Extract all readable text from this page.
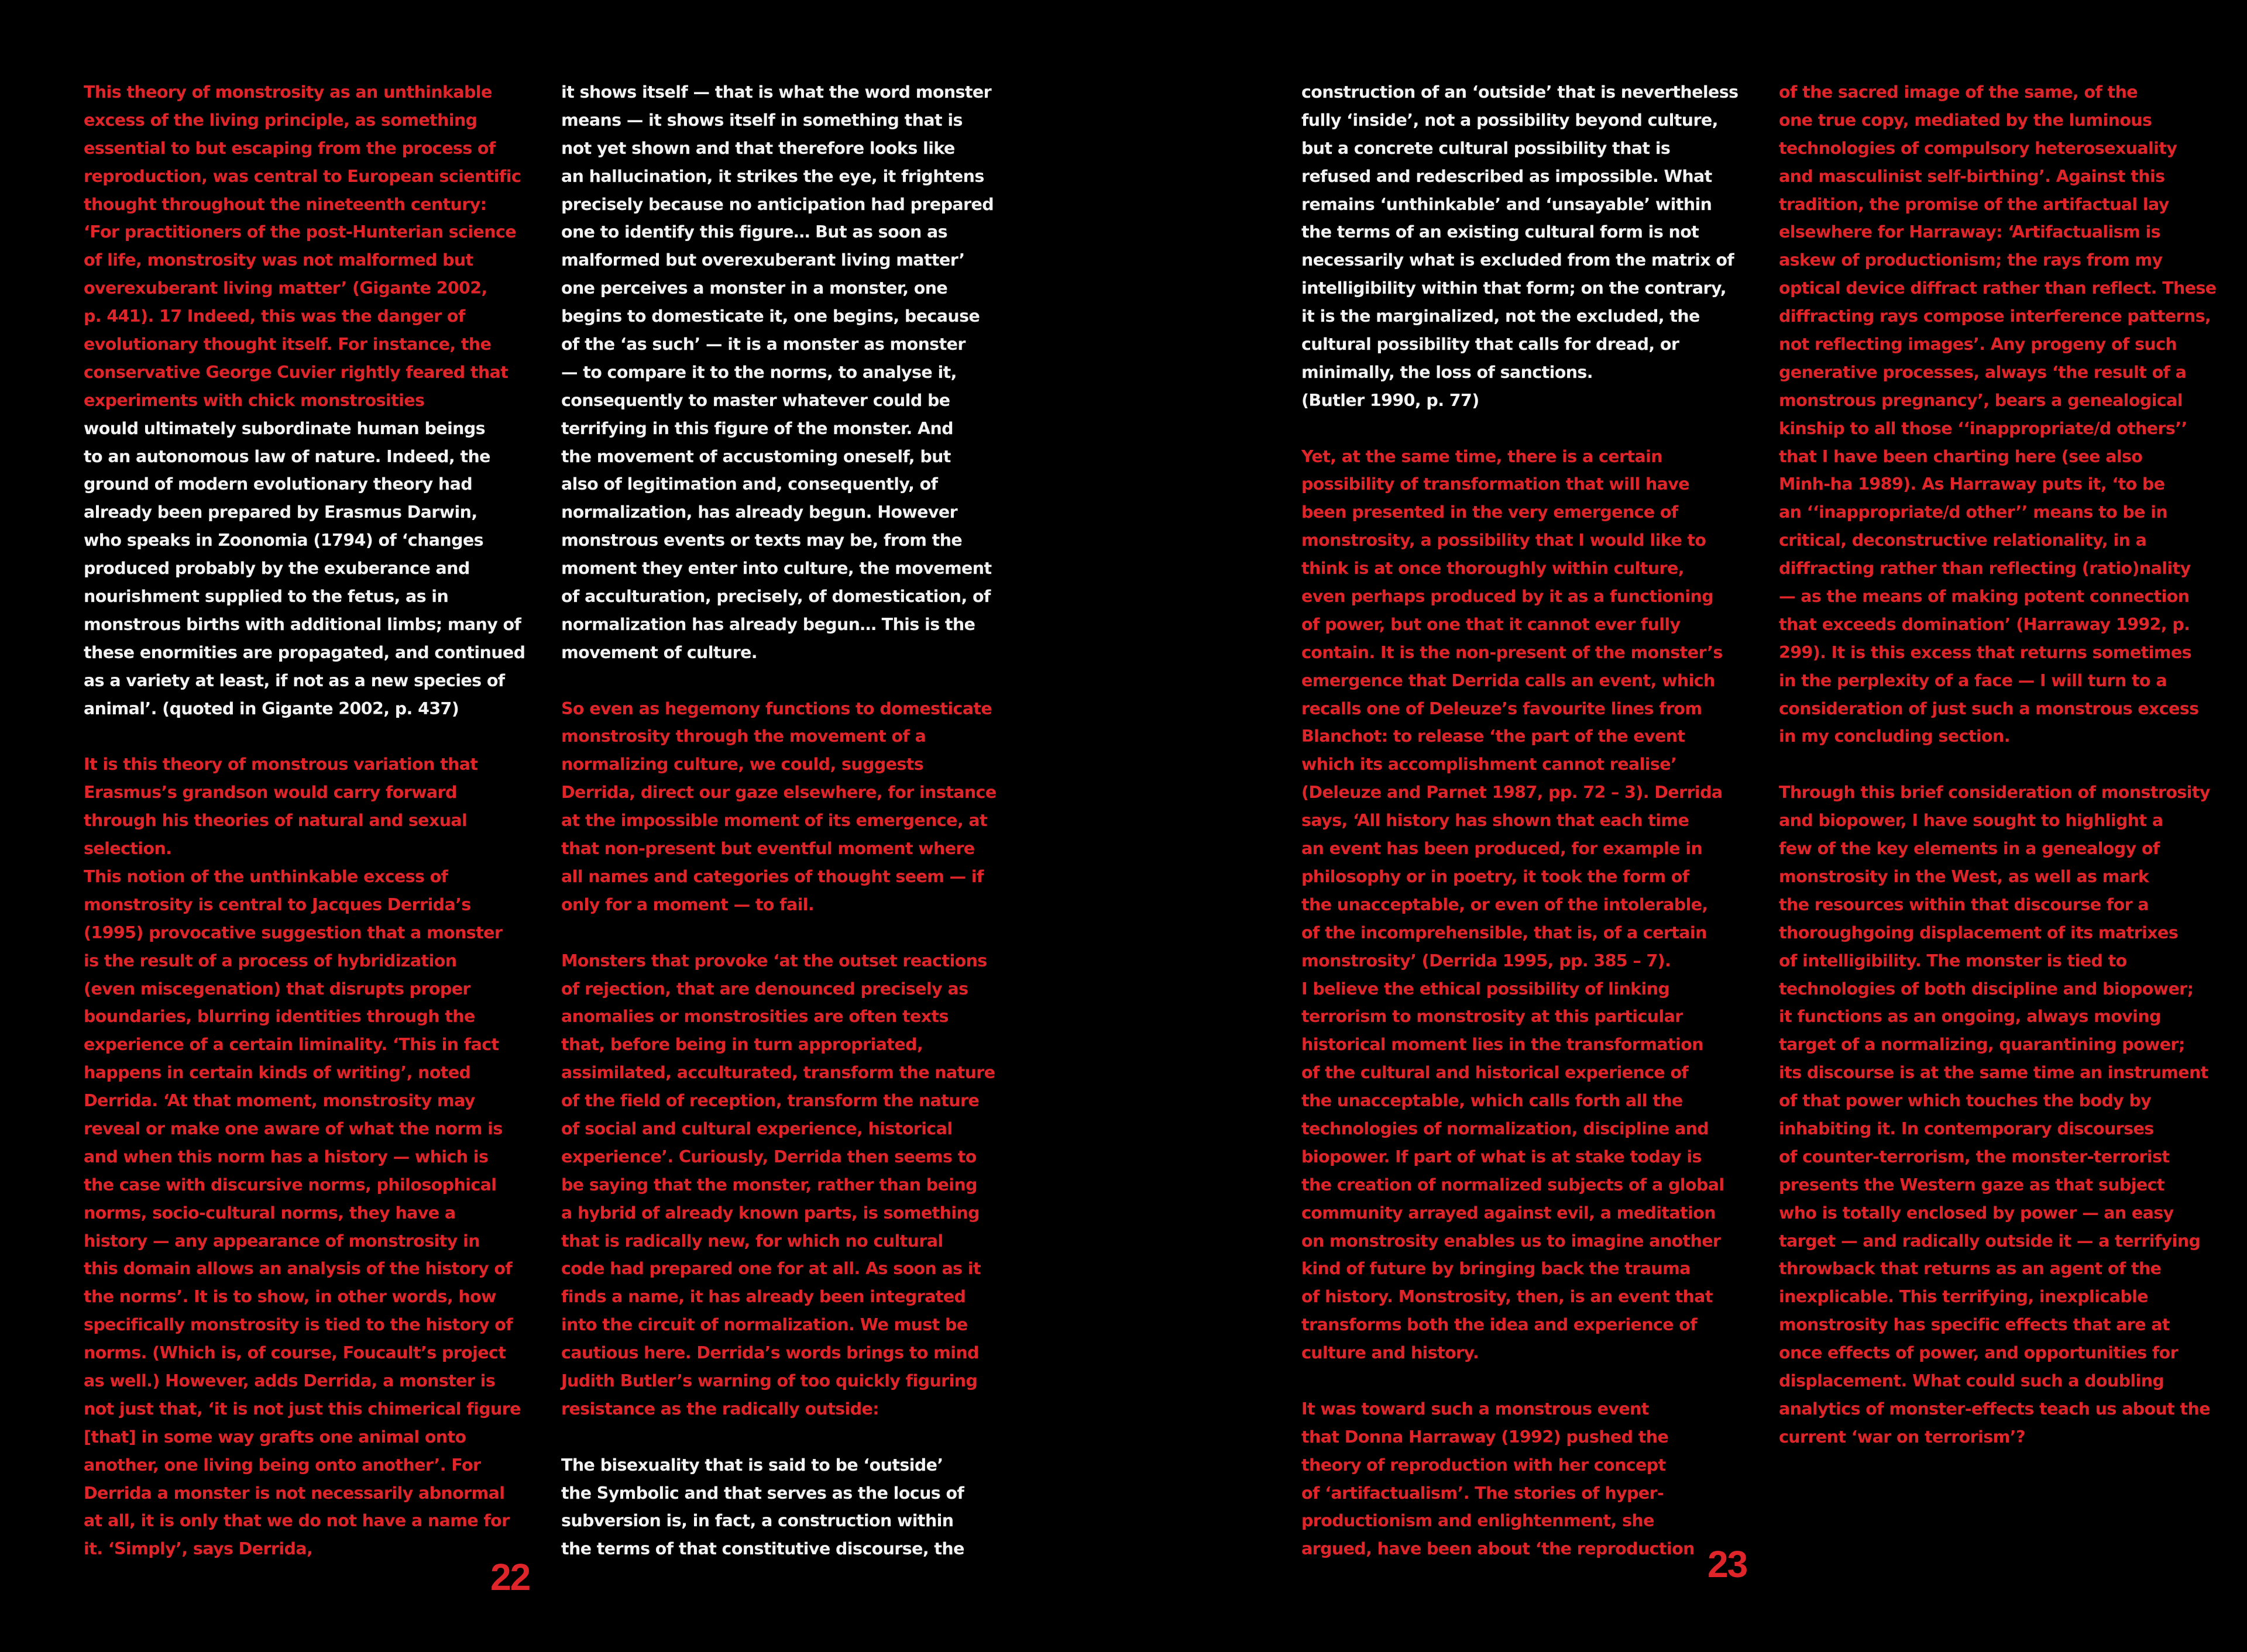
This theory of monstrosity as an unthinkable
excess of the living principle, as something
essential to but escaping from the process of
reproduction, was central to European scientific
thought throughout the nineteenth century:
‘For practitioners of the post-Hunterian science
of life, monstrosity was not malformed but
overexuberant living matter’ (Gigante 2002,
p. 441). 17 Indeed, this was the danger of
evolutionary thought itself. For instance, the
conservative George Cuvier rightly feared that
experiments with chick monstrosities
would ultimately subordinate human beings
to an autonomous law of nature. Indeed, the
ground of modern evolutionary theory had
already been prepared by Erasmus Darwin,
who speaks in Zoonomia (1794) of ‘changes
produced probably by the exuberance and
nourishment supplied to the fetus, as in
monstrous births with additional limbs; many of
these enormities are propagated, and continued
as a variety at least, if not as a new species of
animal’. (quoted in Gigante 2002, p. 437)
It is this theory of monstrous variation that
Erasmus’s grandson would carry forward
through his theories of natural and sexual
selection.
This notion of the unthinkable excess of
monstrosity is central to Jacques Derrida’s
(1995) provocative suggestion that a monster
is the result of a process of hybridization
(even miscegenation) that disrupts proper
boundaries, blurring identities through the
experience of a certain liminality. ‘This in fact
happens in certain kinds of writing’, noted
Derrida. ‘At that moment, monstrosity may
reveal or make one aware of what the norm is
and when this norm has a history — which is
the case with discursive norms, philosophical
norms, socio-cultural norms, they have a
history — any appearance of monstrosity in
this domain allows an analysis of the history of
the norms’. It is to show, in other words, how
specifically monstrosity is tied to the history of
norms. (Which is, of course, Foucault’s project
as well.) However, adds Derrida, a monster is
not just that, ‘it is not just this chimerical figure
[that] in some way grafts one animal onto
another, one living being onto another’. For
Derrida a monster is not necessarily abnormal
at all, it is only that we do not have a name for
it. ‘Simply’, says Derrida,
it shows itself — that is what the word monster
means — it shows itself in something that is
not yet shown and that therefore looks like
an hallucination, it strikes the eye, it frightens
precisely because no anticipation had prepared
one to identify this figure… But as soon as
malformed but overexuberant living matter’
one perceives a monster in a monster, one
begins to domesticate it, one begins, because
of the ‘as such’ — it is a monster as monster
— to compare it to the norms, to analyse it,
consequently to master whatever could be
terrifying in this figure of the monster. And
the movement of accustoming oneself, but
also of legitimation and, consequently, of
normalization, has already begun. However
monstrous events or texts may be, from the
moment they enter into culture, the movement
of acculturation, precisely, of domestication, of
normalization has already begun… This is the
movement of culture.
So even as hegemony functions to domesticate
monstrosity through the movement of a
normalizing culture, we could, suggests
Derrida, direct our gaze elsewhere, for instance
at the impossible moment of its emergence, at
that non-present but eventful moment where
all names and categories of thought seem — if
only for a moment — to fail.
Monsters that provoke ‘at the outset reactions
of rejection, that are denounced precisely as
anomalies or monstrosities are often texts
that, before being in turn appropriated,
assimilated, acculturated, transform the nature
of the field of reception, transform the nature
of social and cultural experience, historical
experience’. Curiously, Derrida then seems to
be saying that the monster, rather than being
a hybrid of already known parts, is something
that is radically new, for which no cultural
code had prepared one for at all. As soon as it
finds a name, it has already been integrated
into the circuit of normalization. We must be
cautious here. Derrida’s words brings to mind
Judith Butler’s warning of too quickly figuring
resistance as the radically outside:
The bisexuality that is said to be ‘outside’
the Symbolic and that serves as the locus of
subversion is, in fact, a construction within
the terms of that constitutive discourse, the
construction of an ‘outside’ that is nevertheless
fully ‘inside’, not a possibility beyond culture,
but a concrete cultural possibility that is
refused and redescribed as impossible. What
remains ‘unthinkable’ and ‘unsayable’ within
the terms of an existing cultural form is not
necessarily what is excluded from the matrix of
intelligibility within that form; on the contrary,
it is the marginalized, not the excluded, the
cultural possibility that calls for dread, or
minimally, the loss of sanctions.
(Butler 1990, p. 77)
Yet, at the same time, there is a certain
possibility of transformation that will have
been presented in the very emergence of
monstrosity, a possibility that I would like to
think is at once thoroughly within culture,
even perhaps produced by it as a functioning
of power, but one that it cannot ever fully
contain. It is the non-present of the monster’s
emergence that Derrida calls an event, which
recalls one of Deleuze’s favourite lines from
Blanchot: to release ‘the part of the event
which its accomplishment cannot realise’
(Deleuze and Parnet 1987, pp. 72 – 3). Derrida
says, ‘All history has shown that each time
an event has been produced, for example in
philosophy or in poetry, it took the form of
the unacceptable, or even of the intolerable,
of the incomprehensible, that is, of a certain
monstrosity’ (Derrida 1995, pp. 385 – 7).
I believe the ethical possibility of linking
terrorism to monstrosity at this particular
historical moment lies in the transformation
of the cultural and historical experience of
the unacceptable, which calls forth all the
technologies of normalization, discipline and
biopower. If part of what is at stake today is
the creation of normalized subjects of a global
community arrayed against evil, a meditation
on monstrosity enables us to imagine another
kind of future by bringing back the trauma
of history. Monstrosity, then, is an event that
transforms both the idea and experience of
culture and history.
It was toward such a monstrous event
that Donna Harraway (1992) pushed the
theory of reproduction with her concept
of ‘artifactualism’. The stories of hyper-
productionism and enlightenment, she
argued, have been about ‘the reproduction
of the sacred image of the same, of the
one true copy, mediated by the luminous
technologies of compulsory heterosexuality
and masculinist self-birthing’. Against this
tradition, the promise of the artifactual lay
elsewhere for Harraway: ‘Artifactualism is
askew of productionism; the rays from my
optical device diffract rather than reflect. These
diffracting rays compose interference patterns,
not reflecting images’. Any progeny of such
generative processes, always ‘the result of a
monstrous pregnancy’, bears a genealogical
kinship to all those ‘‘inappropriate/d others’’
that I have been charting here (see also
Minh-ha 1989). As Harraway puts it, ‘to be
an ‘‘inappropriate/d other’’ means to be in
critical, deconstructive relationality, in a
diffracting rather than reflecting (ratio)nality
— as the means of making potent connection
that exceeds domination’ (Harraway 1992, p.
299). It is this excess that returns sometimes
in the perplexity of a face — I will turn to a
consideration of just such a monstrous excess
in my concluding section.
Through this brief consideration of monstrosity
and biopower, I have sought to highlight a
few of the key elements in a genealogy of
monstrosity in the West, as well as mark
the resources within that discourse for a
thoroughgoing displacement of its matrixes
of intelligibility. The monster is tied to
technologies of both discipline and biopower;
it functions as an ongoing, always moving
target of a normalizing, quarantining power;
its discourse is at the same time an instrument
of that power which touches the body by
inhabiting it. In contemporary discourses
of counter-terrorism, the monster-terrorist
presents the Western gaze as that subject
who is totally enclosed by power — an easy
target — and radically outside it — a terrifying
throwback that returns as an agent of the
inexplicable. This terrifying, inexplicable
monstrosity has specific effects that are at
once effects of power, and opportunities for
displacement. What could such a doubling
analytics of monster-effects teach us about the
current ‘war on terrorism’?
22	23
